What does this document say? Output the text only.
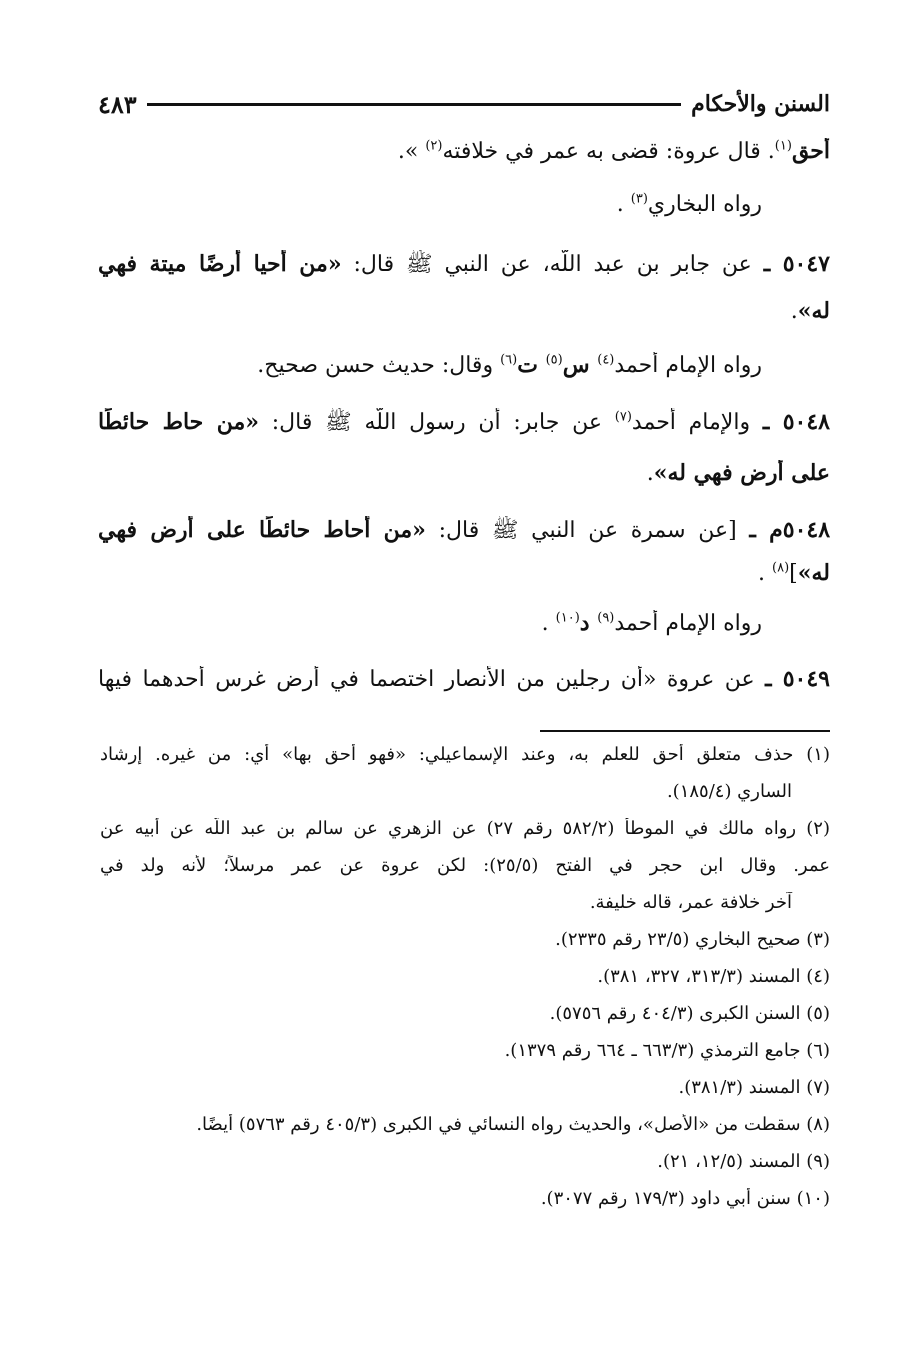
السنن والأحكام
٤٨٣
أحق$^{(١)}$. قال عروة: قضى به عمر في خلافته$^{(٢)}$ ».
رواه البخاري$^{(٣)}$ .
٥٠٤٧ ـ عن جابر بن عبد اللّه، عن النبي ﷺ قال: «من أحيا أرضًا ميتة فهي
له».
رواه الإمام أحمد$^{(٤)}$ س$^{(٥)}$ ت$^{(٦)}$ وقال: حديث حسن صحيح.
٥٠٤٨ ـ والإمام أحمد$^{(٧)}$ عن جابر: أن رسول اللّه ﷺ قال: «من حاط حائطًا
على أرض فهي له».
٥٠٤٨م ـ [عن سمرة عن النبي ﷺ قال: «من أحاط حائطًا على أرض فهي
له»]$^{(٨)}$ .
رواه الإمام أحمد$^{(٩)}$ د$^{(١٠)}$ .
٥٠٤٩ ـ عن عروة «أن رجلين من الأنصار اختصما في أرضٍ غرس أحدهما فيها
(١) حذف متعلق أحق للعلم به، وعند الإسماعيلي: «فهو أحق بها» أي: من غيره. إرشاد
الساري (١٨٥/٤).
(٢) رواه مالك في الموطأ (٥٨٢/٢ رقم ٢٧) عن الزهري عن سالم بن عبد اللّه عن أبيه عن
عمر. وقال ابن حجر في الفتح (٢٥/٥): لكن عروة عن عمر مرسلاً؛ لأنه ولد في
آخر خلافة عمر، قاله خليفة.
(٣) صحيح البخاري (٢٣/٥ رقم ٢٣٣٥).
(٤) المسند (٣١٣/٣، ٣٢٧، ٣٨١).
(٥) السنن الكبرى (٤٠٤/٣ رقم ٥٧٥٦).
(٦) جامع الترمذي (٦٦٣/٣ ـ ٦٦٤ رقم ١٣٧٩).
(٧) المسند (٣٨١/٣).
(٨) سقطت من «الأصل»، والحديث رواه النسائي في الكبرى (٤٠٥/٣ رقم ٥٧٦٣) أيضًا.
(٩) المسند (١٢/٥، ٢١).
(١٠) سنن أبي داود (١٧٩/٣ رقم ٣٠٧٧).
